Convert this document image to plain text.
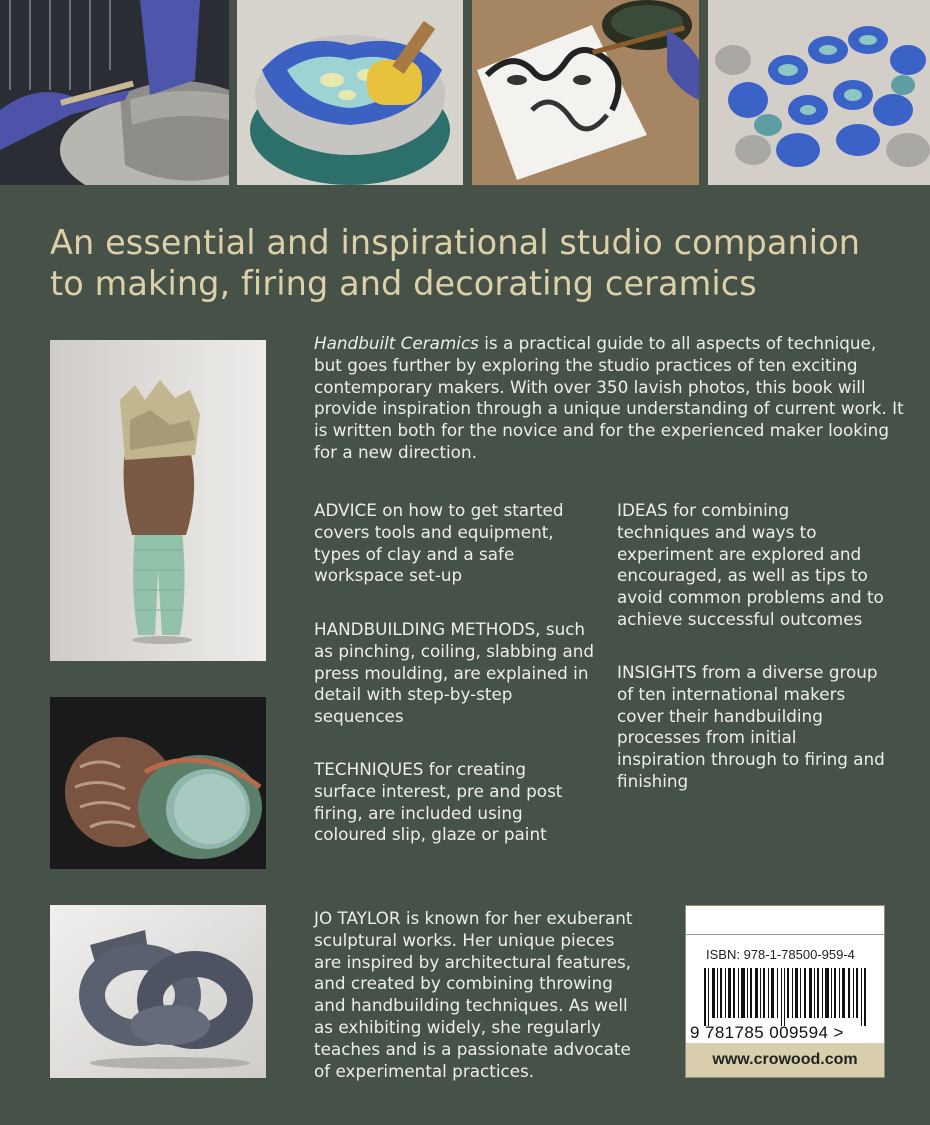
An essential and inspirational studio companion to making, firing and decorating ceramics

Handbuilt Ceramics is a practical guide to all aspects of technique, but goes further by exploring the studio practices of ten exciting contemporary makers. With over 350 lavish photos, this book will provide inspiration through a unique understanding of current work. It is written both for the novice and for the experienced maker looking for a new direction.

ADVICE on how to get started covers tools and equipment, types of clay and a safe workspace set-up

HANDBUILDING METHODS, such as pinching, coiling, slabbing and press moulding, are explained in detail with step-by-step sequences

TECHNIQUES for creating surface interest, pre and post firing, are included using coloured slip, glaze or paint

IDEAS for combining techniques and ways to experiment are explored and encouraged, as well as tips to avoid common problems and to achieve successful outcomes

INSIGHTS from a diverse group of ten international makers cover their handbuilding processes from initial inspiration through to firing and finishing

JO TAYLOR is known for her exuberant sculptural works. Her unique pieces are inspired by architectural features, and created by combining throwing and handbuilding techniques. As well as exhibiting widely, she regularly teaches and is a passionate advocate of experimental practices.

ISBN: 978-1-78500-959-4
9 781785 009594 >
www.crowood.com
